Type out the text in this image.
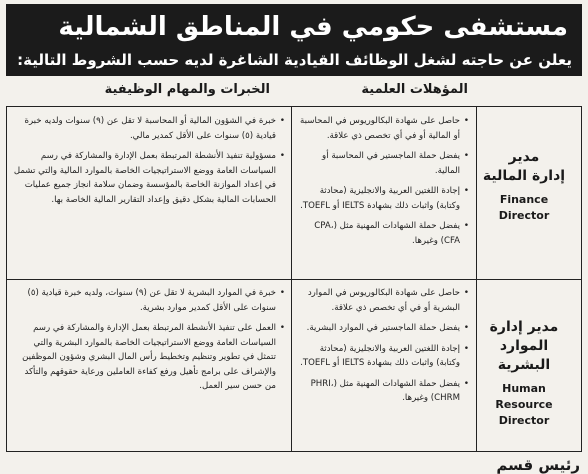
مستشفى حكومي في المناطق الشمالية
يعلن عن حاجته لشغل الوظائف القيادية الشاغرة لديه حسب الشروط التالية:
المؤهلات العلمية
الخبرات والمهام الوظيفية
مدير
إدارة المالية
Finance
Director
• حاصل على شهادة البكالوريوس في المحاسبة أو المالية أو في أي تخصص ذي علاقة.
• يفضل حملة الماجستير في المحاسبة أو المالية.
• إجادة اللغتين العربية والانجليزية (محادثة وكتابة) واثبات ذلك بشهادة IELTS أو TOEFL.
• يفضل حملة الشهادات المهنية مثل (CPA، CFA) وغيرها.
• خبرة في الشؤون المالية أو المحاسبة لا تقل عن (٩) سنوات ولديه خبرة قيادية (٥) سنوات على الأقل كمدير مالي.
• مسؤولية تنفيذ الأنشطة المرتبطة بعمل الإدارة والمشاركة في رسم السياسات العامة ووضع الاستراتيجيات الخاصة بالموارد المالية والتي تشمل في إعداد الموازنة الخاصة بالمؤسسة وضمان سلامة انجاز جميع عمليات الحسابات المالية بشكل دقيق وإعداد التقارير المالية الخاصة بها.
مدير إدارة
الموارد البشرية
Human
Resource
Director
• حاصل على شهادة البكالوريوس في الموارد البشرية أو في أي تخصص ذي علاقة.
• يفضل حملة الماجستير في الموارد البشرية.
• إجادة اللغتين العربية والانجليزية (محادثة وكتابة) واثبات ذلك بشهادة IELTS أو TOEFL.
• يفضل حملة الشهادات المهنية مثل (PHRI، CHRM) وغيرها.
• خبرة في الموارد البشرية لا تقل عن (٩) سنوات، ولديه خبرة قيادية (٥) سنوات على الأقل كمدير موارد بشرية.
• العمل على تنفيذ الأنشطة المرتبطة بعمل الإدارة والمشاركة في رسم السياسات العامة ووضع الاستراتيجيات الخاصة بالموارد البشرية والتي تتمثل في تطوير وتنظيم وتخطيط رأس المال البشري وشؤون الموظفين والإشراف على برامج تأهيل ورفع كفاءة العاملين ورعاية حقوقهم والتأكد من حسن سير العمل.
رئيس قسم
